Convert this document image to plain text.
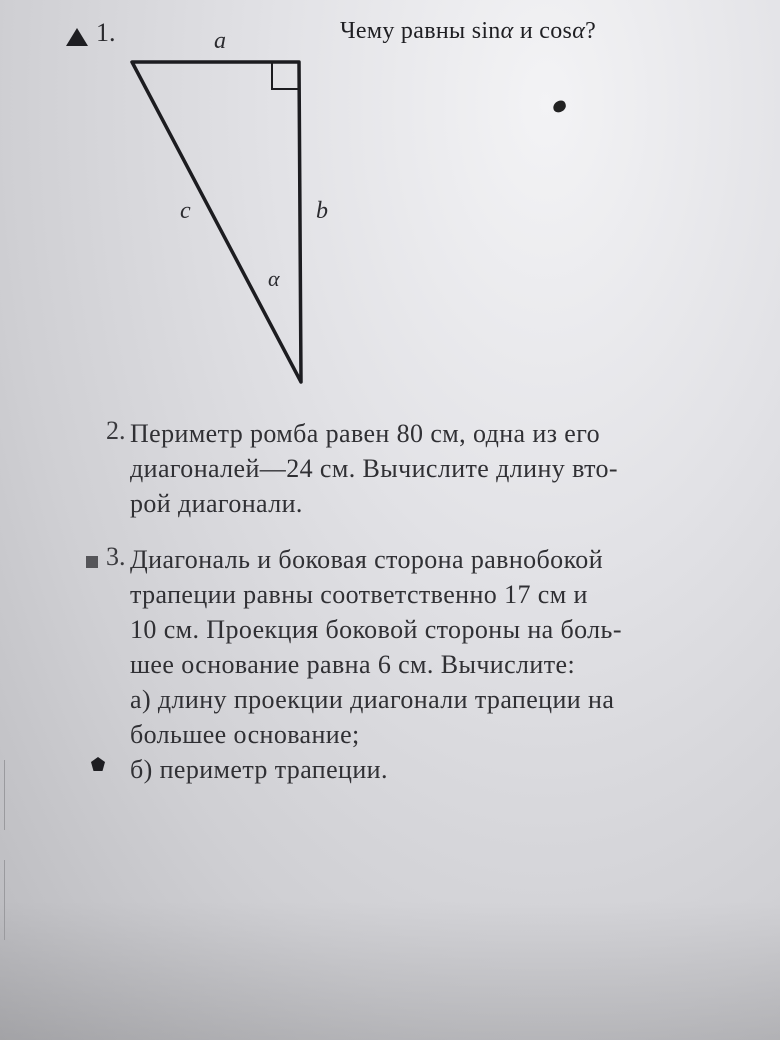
1.	Чему равны sinα и cosα?
a
b
c
α
2. Периметр ромба равен 80 см, одна из его
диагоналей—24 см. Вычислите длину вто-
рой диагонали.
3. Диагональ и боковая сторона равнобокой
трапеции равны соответственно 17 см и
10 см. Проекция боковой стороны на боль-
шее основание равна 6 см. Вычислите:
а) длину проекции диагонали трапеции на
большее основание;
б) периметр трапеции.
